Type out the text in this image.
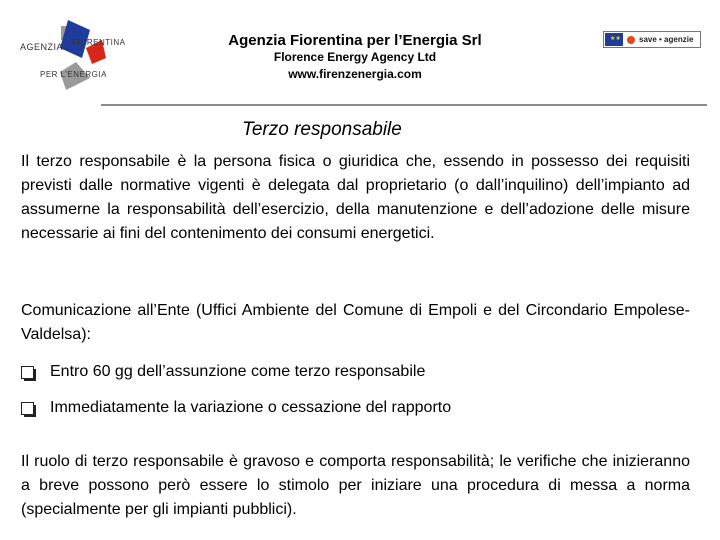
AGENZIA FIORENTINA
PER L’ENERGIA
Agenzia Fiorentina per l’Energia Srl
Florence Energy Agency Ltd
www.firenzenergia.com
★★ save • agenzie
Terzo responsabile
Il terzo responsabile è la persona fisica o giuridica che, essendo in possesso dei requisiti previsti dalle normative vigenti è delegata dal proprietario (o dall’inquilino) dell’impianto ad assumerne la responsabilità dell’esercizio, della manutenzione e dell’adozione delle misure necessarie ai fini del contenimento dei consumi energetici.
Comunicazione all’Ente (Uffici Ambiente del Comune di Empoli e del Circondario Empolese-Valdelsa):
Entro 60 gg dell’assunzione come terzo responsabile
Immediatamente la variazione o cessazione del rapporto
Il ruolo di terzo responsabile è gravoso e comporta responsabilità; le verifiche che inizieranno a breve possono però essere lo stimolo per iniziare una procedura di messa a norma (specialmente per gli impianti pubblici).
